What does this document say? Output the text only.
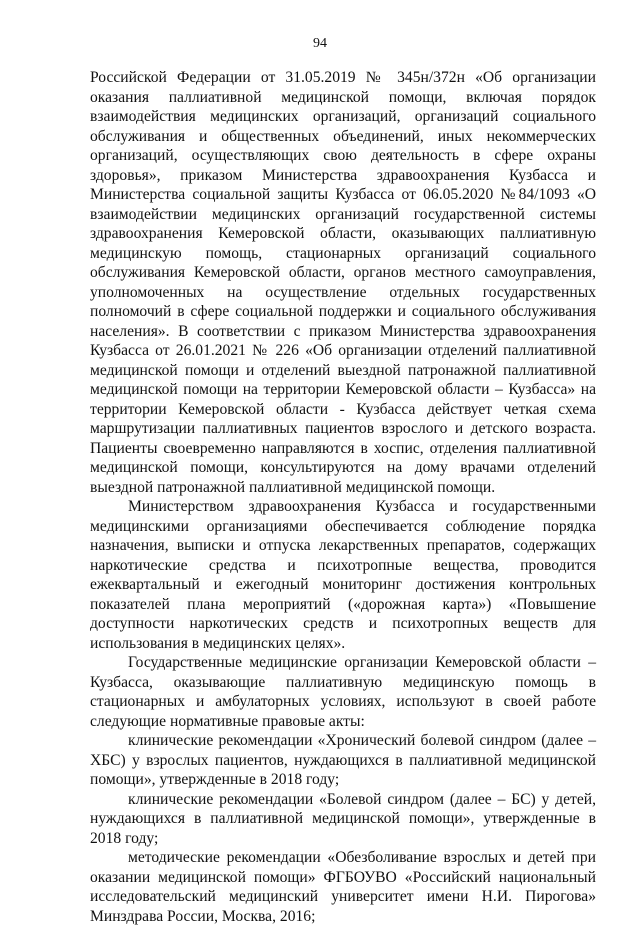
94

Российской Федерации от 31.05.2019 № 345н/372н «Об организации оказания паллиативной медицинской помощи, включая порядок взаимодействия медицинских организаций, организаций социального обслуживания и общественных объединений, иных некоммерческих организаций, осуществляющих свою деятельность в сфере охраны здоровья», приказом Министерства здравоохранения Кузбасса и Министерства социальной защиты Кузбасса от 06.05.2020 №84/1093 «О взаимодействии медицинских организаций государственной системы здравоохранения Кемеровской области, оказывающих паллиативную медицинскую помощь, стационарных организаций социального обслуживания Кемеровской области, органов местного самоуправления, уполномоченных на осуществление отдельных государственных полномочий в сфере социальной поддержки и социального обслуживания населения». В соответствии с приказом Министерства здравоохранения Кузбасса от 26.01.2021 № 226 «Об организации отделений паллиативной медицинской помощи и отделений выездной патронажной паллиативной медицинской помощи на территории Кемеровской области – Кузбасса» на территории Кемеровской области - Кузбасса действует четкая схема маршрутизации паллиативных пациентов взрослого и детского возраста. Пациенты своевременно направляются в хоспис, отделения паллиативной медицинской помощи, консультируются на дому врачами отделений выездной патронажной паллиативной медицинской помощи.

Министерством здравоохранения Кузбасса и государственными медицинскими организациями обеспечивается соблюдение порядка назначения, выписки и отпуска лекарственных препаратов, содержащих наркотические средства и психотропные вещества, проводится ежеквартальный и ежегодный мониторинг достижения контрольных показателей плана мероприятий («дорожная карта») «Повышение доступности наркотических средств и психотропных веществ для использования в медицинских целях».

Государственные медицинские организации Кемеровской области – Кузбасса, оказывающие паллиативную медицинскую помощь в стационарных и амбулаторных условиях, используют в своей работе следующие нормативные правовые акты:

клинические рекомендации «Хронический болевой синдром (далее – ХБС) у взрослых пациентов, нуждающихся в паллиативной медицинской помощи», утвержденные в 2018 году;

клинические рекомендации «Болевой синдром (далее – БС) у детей, нуждающихся в паллиативной медицинской помощи», утвержденные в 2018 году;

методические рекомендации «Обезболивание взрослых и детей при оказании медицинской помощи» ФГБОУВО «Российский национальный исследовательский медицинский университет имени Н.И. Пирогова» Минздрава России, Москва, 2016;
